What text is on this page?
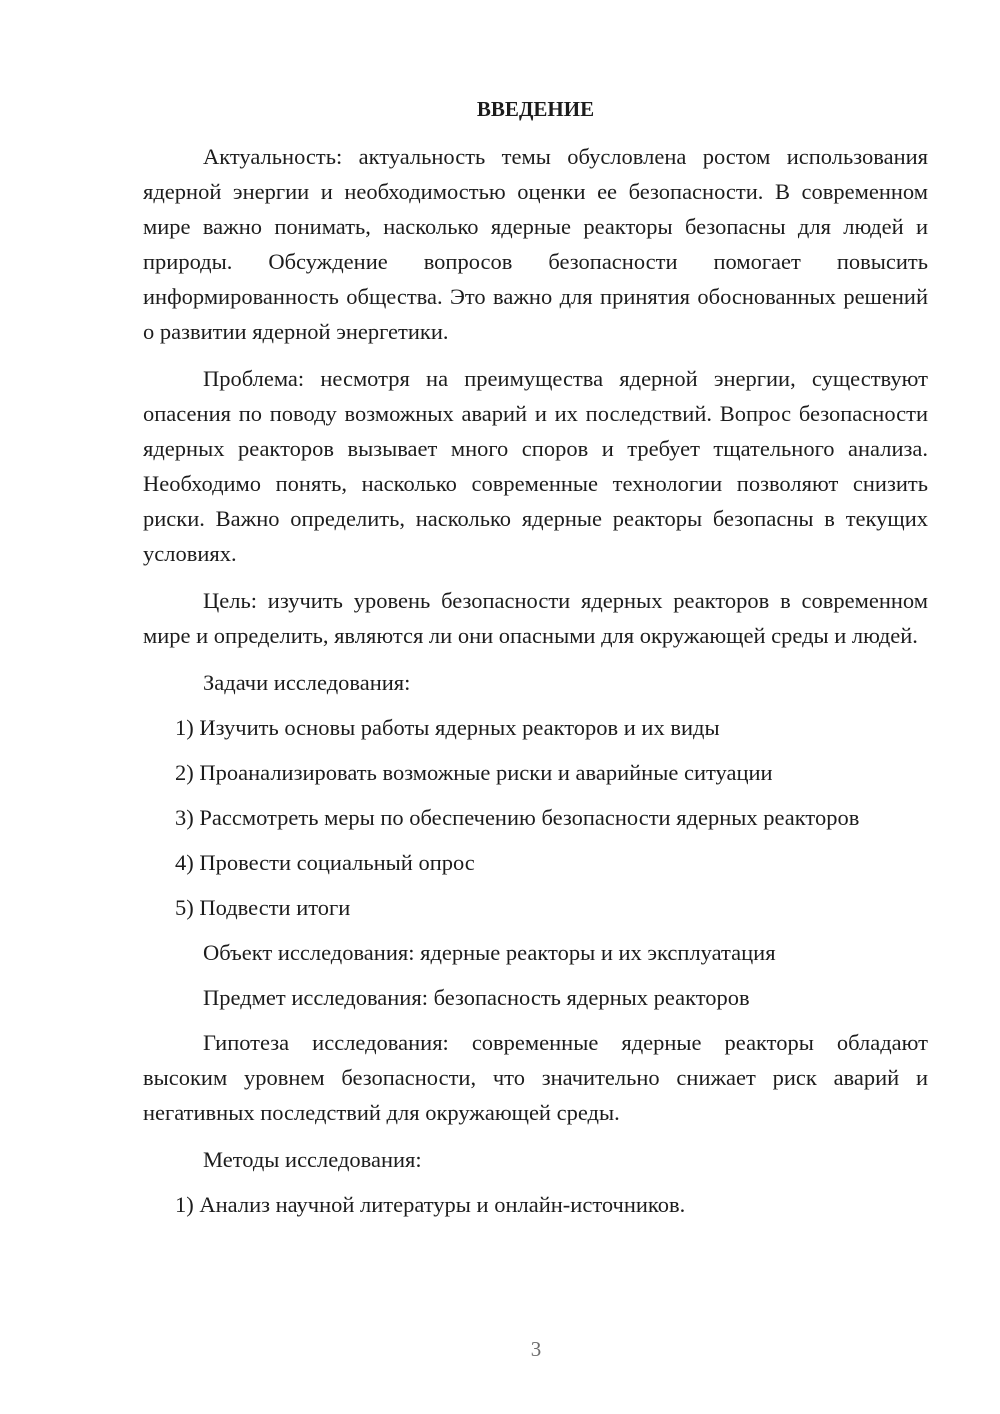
ВВЕДЕНИЕ
Актуальность: актуальность темы обусловлена ростом использования ядерной энергии и необходимостью оценки ее безопасности. В современном мире важно понимать, насколько ядерные реакторы безопасны для людей и природы. Обсуждение вопросов безопасности помогает повысить информированность общества. Это важно для принятия обоснованных решений о развитии ядерной энергетики.
Проблема: несмотря на преимущества ядерной энергии, существуют опасения по поводу возможных аварий и их последствий. Вопрос безопасности ядерных реакторов вызывает много споров и требует тщательного анализа. Необходимо понять, насколько современные технологии позволяют снизить риски. Важно определить, насколько ядерные реакторы безопасны в текущих условиях.
Цель: изучить уровень безопасности ядерных реакторов в современном мире и определить, являются ли они опасными для окружающей среды и людей.
Задачи исследования:
1) Изучить основы работы ядерных реакторов и их виды
2) Проанализировать возможные риски и аварийные ситуации
3) Рассмотреть меры по обеспечению безопасности ядерных реакторов
4) Провести социальный опрос
5) Подвести итоги
Объект исследования: ядерные реакторы и их эксплуатация
Предмет исследования: безопасность ядерных реакторов
Гипотеза исследования: современные ядерные реакторы обладают высоким уровнем безопасности, что значительно снижает риск аварий и негативных последствий для окружающей среды.
Методы исследования:
1) Анализ научной литературы и онлайн-источников.
3
